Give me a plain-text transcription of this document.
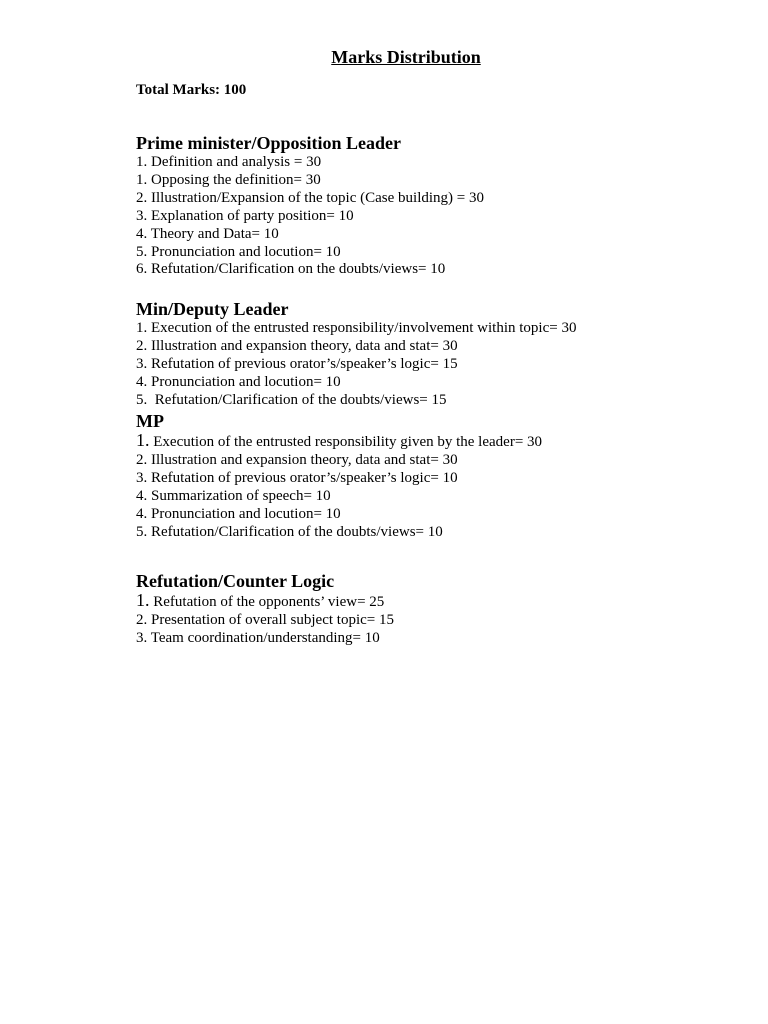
Marks Distribution
Total Marks: 100

Prime minister/Opposition Leader

1. Definition and analysis = 30

1. Opposing the definition= 30

2. Illustration/Expansion of the topic (Case building) = 30

3. Explanation of party position= 10

4. Theory and Data= 10

5. Pronunciation and locution= 10

6. Refutation/Clarification on the doubts/views= 10

Min/Deputy Leader

1. Execution of the entrusted responsibility/involvement within topic= 30

2. Illustration and expansion theory, data and stat= 30

3. Refutation of previous orator’s/speaker’s logic= 15

4. Pronunciation and locution= 10

5.  Refutation/Clarification of the doubts/views= 15

MP

1. Execution of the entrusted responsibility given by the leader= 30

2. Illustration and expansion theory, data and stat= 30

3. Refutation of previous orator’s/speaker’s logic= 10

4. Summarization of speech= 10

4. Pronunciation and locution= 10

5. Refutation/Clarification of the doubts/views= 10

Refutation/Counter Logic

1. Refutation of the opponents’ view= 25

2. Presentation of overall subject topic= 15

3. Team coordination/understanding= 10
